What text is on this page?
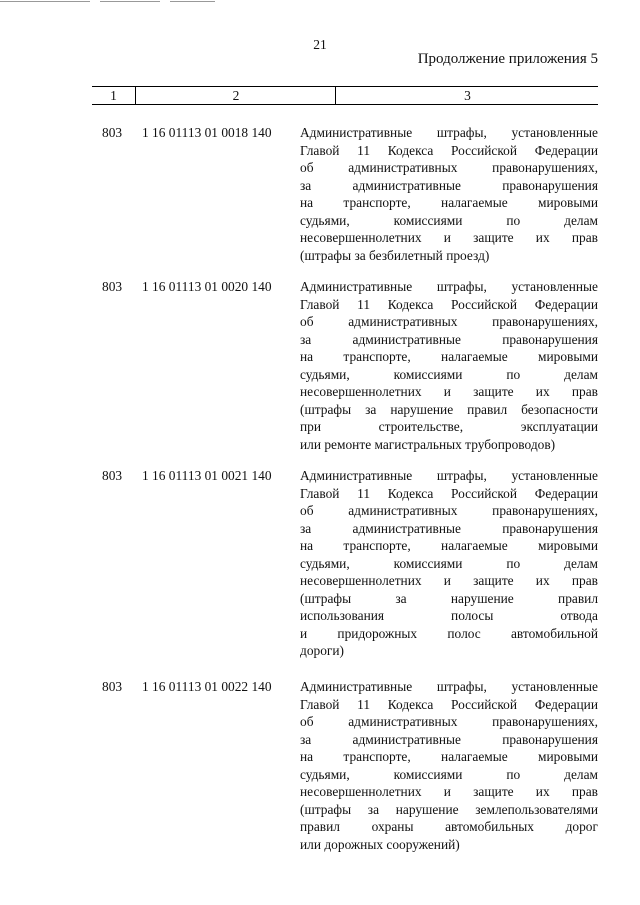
21
Продолжение приложения 5
1	2	3
803 1 16 01113 01 0018 140 Административные штрафы, установленные
Главой 11 Кодекса Российской Федерации
об административных правонарушениях,
за административные правонарушения
на транспорте, налагаемые мировыми
судьями, комиссиями по делам
несовершеннолетних и защите их прав
(штрафы за безбилетный проезд)
803 1 16 01113 01 0020 140 Административные штрафы, установленные
Главой 11 Кодекса Российской Федерации
об административных правонарушениях,
за административные правонарушения
на транспорте, налагаемые мировыми
судьями, комиссиями по делам
несовершеннолетних и защите их прав
(штрафы за нарушение правил безопасности
при строительстве, эксплуатации
или ремонте магистральных трубопроводов)
803 1 16 01113 01 0021 140 Административные штрафы, установленные
Главой 11 Кодекса Российской Федерации
об административных правонарушениях,
за административные правонарушения
на транспорте, налагаемые мировыми
судьями, комиссиями по делам
несовершеннолетних и защите их прав
(штрафы за нарушение правил
использования полосы отвода
и придорожных полос автомобильной
дороги)
803 1 16 01113 01 0022 140 Административные штрафы, установленные
Главой 11 Кодекса Российской Федерации
об административных правонарушениях,
за административные правонарушения
на транспорте, налагаемые мировыми
судьями, комиссиями по делам
несовершеннолетних и защите их прав
(штрафы за нарушение землепользователями
правил охраны автомобильных дорог
или дорожных сооружений)
